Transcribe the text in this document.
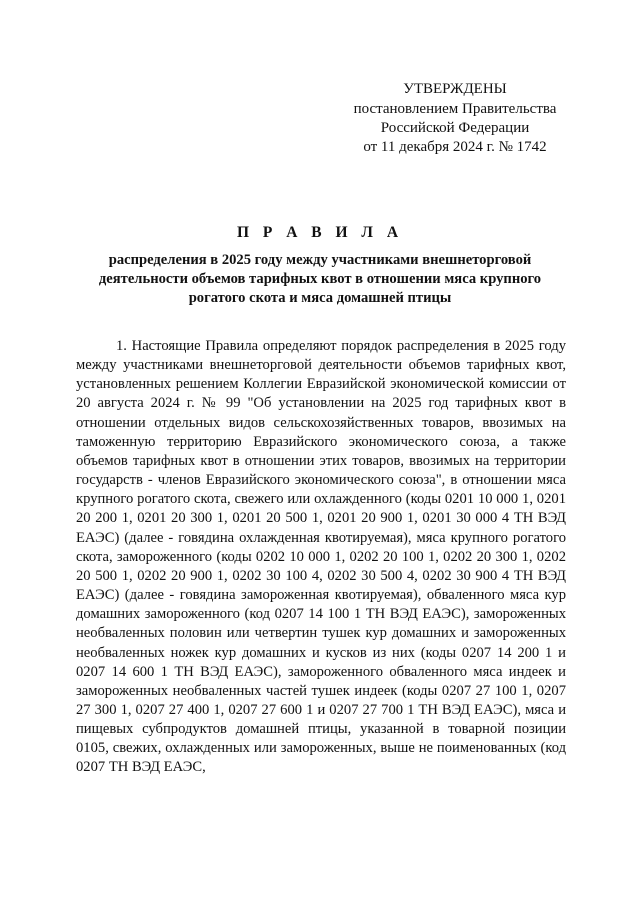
УТВЕРЖДЕНЫ
постановлением Правительства
Российской Федерации
от 11 декабря 2024 г. № 1742
П Р А В И Л А
распределения в 2025 году между участниками внешнеторговой
деятельности объемов тарифных квот в отношении мяса крупного
рогатого скота и мяса домашней птицы

1. Настоящие Правила определяют порядок распределения в 2025 году между участниками внешнеторговой деятельности объемов тарифных квот, установленных решением Коллегии Евразийской экономической комиссии от 20 августа 2024 г. № 99 "Об установлении на 2025 год тарифных квот в отношении отдельных видов сельскохозяйственных товаров, ввозимых на таможенную территорию Евразийского экономического союза, а также объемов тарифных квот в отношении этих товаров, ввозимых на территории государств - членов Евразийского экономического союза", в отношении мяса крупного рогатого скота, свежего или охлажденного (коды 0201 10 000 1, 0201 20 200 1, 0201 20 300 1, 0201 20 500 1, 0201 20 900 1, 0201 30 000 4 ТН ВЭД ЕАЭС) (далее - говядина охлажденная квотируемая), мяса крупного рогатого скота, замороженного (коды 0202 10 000 1, 0202 20 100 1, 0202 20 300 1, 0202 20 500 1, 0202 20 900 1, 0202 30 100 4, 0202 30 500 4, 0202 30 900 4 ТН ВЭД ЕАЭС) (далее - говядина замороженная квотируемая), обваленного мяса кур домашних замороженного (код 0207 14 100 1 ТН ВЭД ЕАЭС), замороженных необваленных половин или четвертин тушек кур домашних и замороженных необваленных ножек кур домашних и кусков из них (коды 0207 14 200 1 и 0207 14 600 1 ТН ВЭД ЕАЭС), замороженного обваленного мяса индеек и замороженных необваленных частей тушек индеек (коды 0207 27 100 1, 0207 27 300 1, 0207 27 400 1, 0207 27 600 1 и 0207 27 700 1 ТН ВЭД ЕАЭС), мяса и пищевых субпродуктов домашней птицы, указанной в товарной позиции 0105, свежих, охлажденных или замороженных, выше не поименованных (код 0207 ТН ВЭД ЕАЭС,
